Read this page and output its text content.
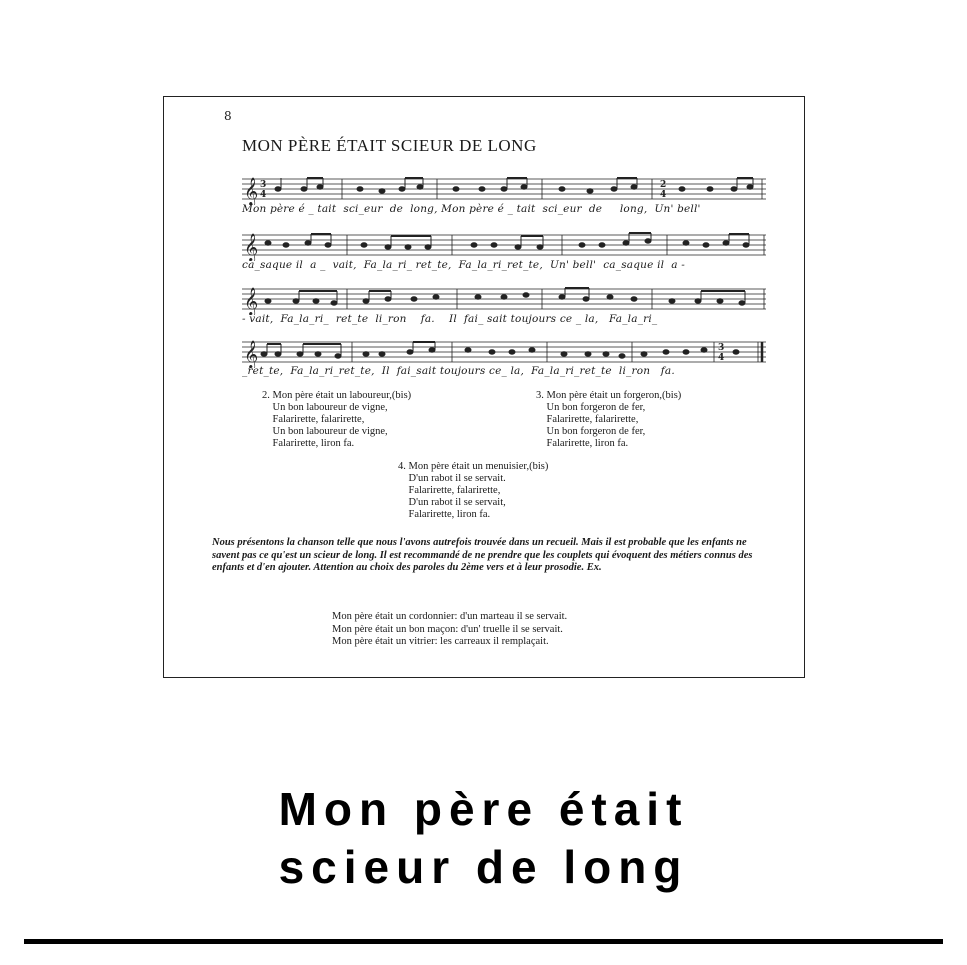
8
MON PÈRE ÉTAIT SCIEUR DE LONG
𝄞 3
4
2
4
Mon père é _ tait  sci_eur  de  long, Mon père é _ tait  sci_eur  de     long,  Un' bell'
𝄞
ca_saque il  a _  vait,  Fa_la_ri_ ret_te,  Fa_la_ri_ret_te,  Un' bell'  ca_saque il  a -
𝄞
- vait,  Fa_la_ri_  ret_te  li_ron    fa.    Il  fai_ sait toujours ce _ la,   Fa_la_ri_
𝄞	3
4
_ret_te,  Fa_la_ri_ret_te,  Il  fai_sait toujours ce_ la,  Fa_la_ri_ret_te  li_ron   fa.
2. Mon père était un laboureur,(bis)
Un bon laboureur de vigne,
Falarirette, falarirette,
Un bon laboureur de vigne,
Falarirette, liron fa.
3. Mon père était un forgeron,(bis)
Un bon forgeron de fer,
Falarirette, falarirette,
Un bon forgeron de fer,
Falarirette, liron fa.
4. Mon père était un menuisier,(bis)
D'un rabot il se servait.
Falarirette, falarirette,
D'un rabot il se servait,
Falarirette, liron fa.
Nous présentons la chanson telle que nous l'avons autrefois trouvée dans un recueil. Mais il est probable que les enfants ne savent pas ce qu'est un scieur de long. Il est recommandé de ne prendre que les couplets qui évoquent des métiers connus des enfants et d'en ajouter. Attention au choix des paroles du 2ème vers et à leur prosodie. Ex.
Mon père était un cordonnier: d'un marteau il se servait.
Mon père était un bon maçon: d'un' truelle il se servait.
Mon père était un vitrier: les carreaux il remplaçait.
Mon père était
scieur de long
